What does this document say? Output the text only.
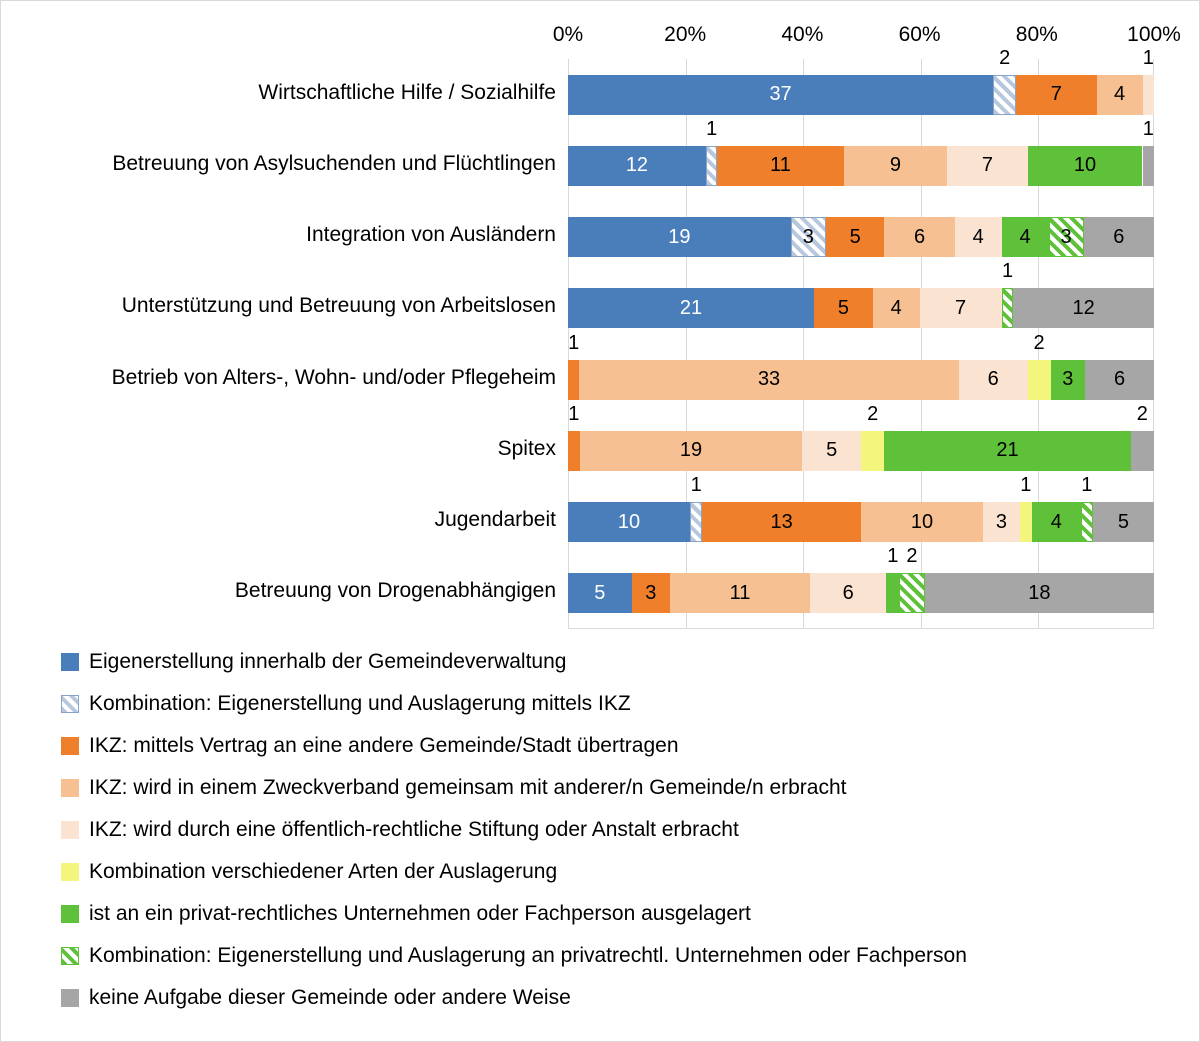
0%	20%	40%	60%	80%	100%
Wirtschaftliche Hilfe / Sozialhilfe
Betreuung von Asylsuchenden und Flüchtlingen
Integration von Ausländern
Unterstützung und Betreuung von Arbeitslosen
Betrieb von Alters-, Wohn- und/oder Pflegeheim
Spitex
Jugendarbeit
Betreuung von Drogenabhängigen
2	1
37	7	4
1	1
12	11	9	7	10
19	3 5	6 4 4 3 6
1
21	5 4	7	12
1	2
33	6	3 6
1	2	2
19	5	21
1	1 1
10	13	10	3 4	5
1 2
5 3	11	6	18
Eigenerstellung innerhalb der Gemeindeverwaltung
Kombination: Eigenerstellung und Auslagerung mittels IKZ
IKZ: mittels Vertrag an eine andere Gemeinde/Stadt übertragen
IKZ: wird in einem Zweckverband gemeinsam mit anderer/n Gemeinde/n erbracht
IKZ: wird durch eine öffentlich-rechtliche Stiftung oder Anstalt erbracht
Kombination verschiedener Arten der Auslagerung
ist an ein privat-rechtliches Unternehmen oder Fachperson ausgelagert
Kombination: Eigenerstellung und Auslagerung an privatrechtl. Unternehmen oder Fachperson
keine Aufgabe dieser Gemeinde oder andere Weise
